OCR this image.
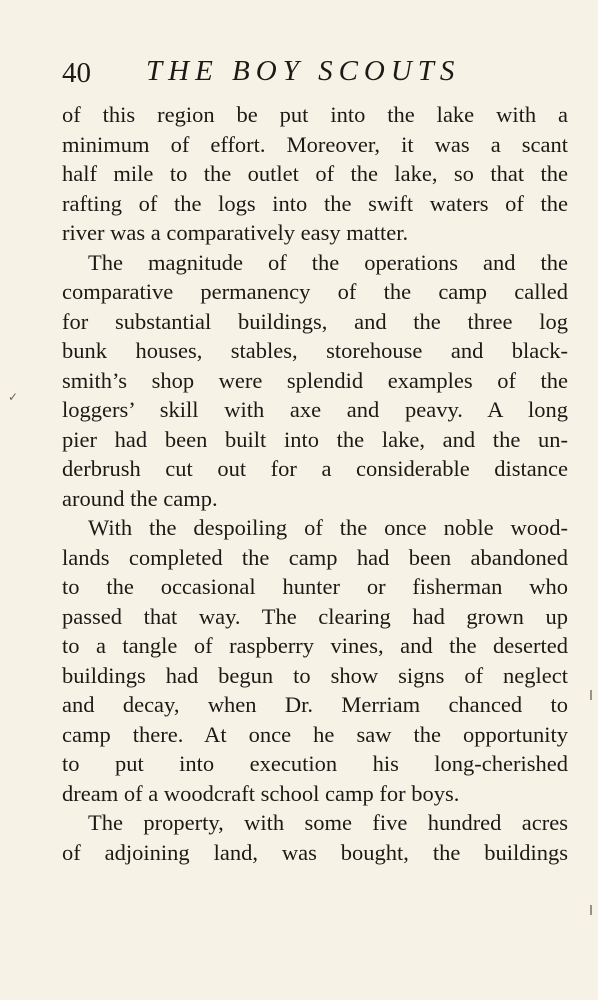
40 THE BOY SCOUTS
✓
of this region be put into the lake with a
minimum of effort. Moreover, it was a scant
half mile to the outlet of the lake, so that the
rafting of the logs into the swift waters of the
river was a comparatively easy matter.
The magnitude of the operations and the
comparative permanency of the camp called
for substantial buildings, and the three log
bunk houses, stables, storehouse and black-
smith’s shop were splendid examples of the
loggers’ skill with axe and peavy. A long
pier had been built into the lake, and the un-
derbrush cut out for a considerable distance
around the camp.
With the despoiling of the once noble wood-
lands completed the camp had been abandoned
to the occasional hunter or fisherman who
passed that way. The clearing had grown up
to a tangle of raspberry vines, and the deserted
buildings had begun to show signs of neglect
and decay, when Dr. Merriam chanced to
camp there. At once he saw the opportunity
to put into execution his long-cherished
dream of a woodcraft school camp for boys.
The property, with some five hundred acres
of adjoining land, was bought, the buildings
